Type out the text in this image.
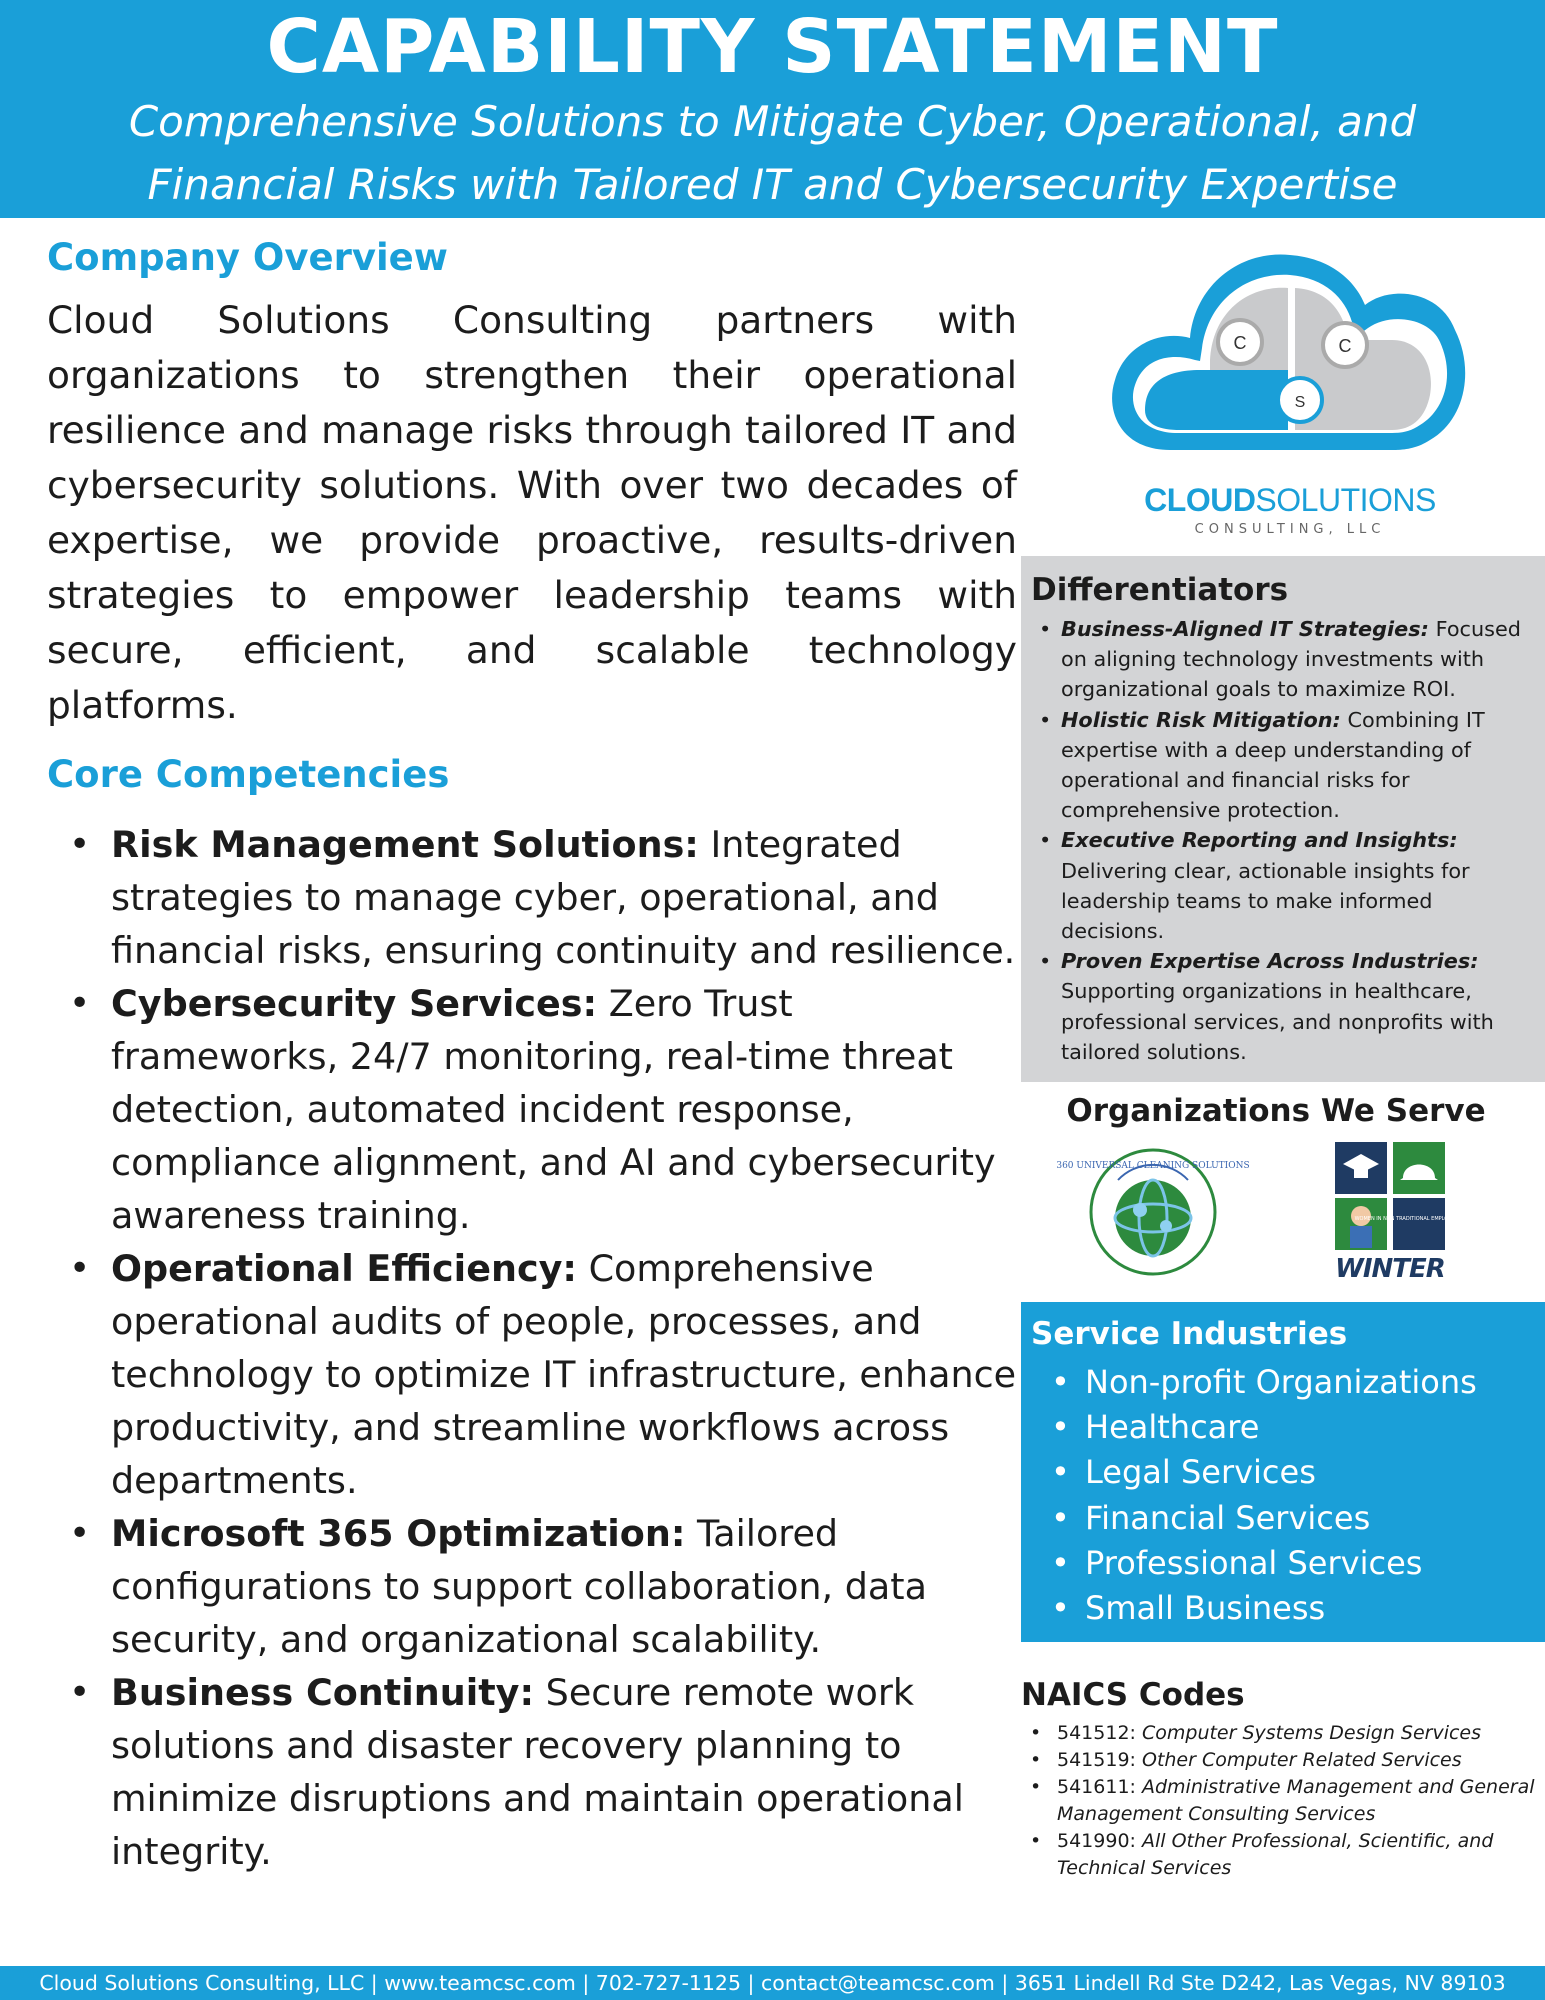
CAPABILITY STATEMENT
Comprehensive Solutions to Mitigate Cyber, Operational, and
Financial Risks with Tailored IT and Cybersecurity Expertise
Company Overview

Cloud Solutions Consulting partners with organizations to strengthen their operational resilience and manage risks through tailored IT and cybersecurity solutions. With over two decades of expertise, we provide proactive, results-driven strategies to empower leadership teams with secure, efficient, and scalable technology platforms.

Core Competencies
• Risk Management Solutions: Integrated strategies to manage cyber, operational, and financial risks, ensuring continuity and resilience.
• Cybersecurity Services: Zero Trust frameworks, 24/7 monitoring, real-time threat detection, automated incident response, compliance alignment, and AI and cybersecurity awareness training.
• Operational Efficiency: Comprehensive operational audits of people, processes, and technology to optimize IT infrastructure, enhance productivity, and streamline workflows across departments.
• Microsoft 365 Optimization: Tailored configurations to support collaboration, data security, and organizational scalability.
• Business Continuity: Secure remote work solutions and disaster recovery planning to minimize disruptions and maintain operational integrity.
C	C
S
CLOUDSOLUTIONS
CONSULTING, LLC
Differentiators
• Business-Aligned IT Strategies: Focused on aligning technology investments with organizational goals to maximize ROI.
• Holistic Risk Mitigation: Combining IT expertise with a deep understanding of operational and financial risks for comprehensive protection.
• Executive Reporting and Insights: Delivering clear, actionable insights for leadership teams to make informed decisions.
• Proven Expertise Across Industries: Supporting organizations in healthcare, professional services, and nonprofits with tailored solutions.
Organizations We Serve
360 UNIVERSAL CLEANING SOLUTIONS
WOMEN IN NON TRADITIONAL EMPLOYMENT ROLES
WINTER
Service Industries
• Non-profit Organizations
• Healthcare
• Legal Services
• Financial Services
• Professional Services
• Small Business
NAICS Codes
• 541512: Computer Systems Design Services
• 541519: Other Computer Related Services
• 541611: Administrative Management and General Management Consulting Services
• 541990: All Other Professional, Scientific, and Technical Services
Cloud Solutions Consulting, LLC | www.teamcsc.com | 702-727-1125 | contact@teamcsc.com | 3651 Lindell Rd Ste D242, Las Vegas, NV 89103
